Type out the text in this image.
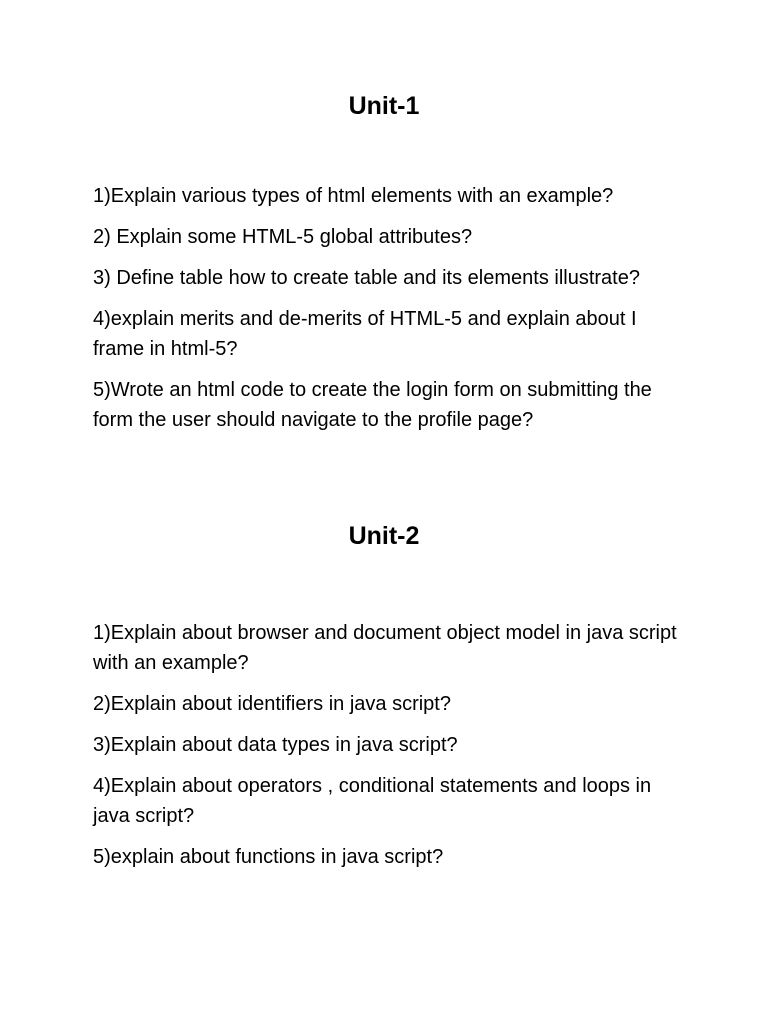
Unit-1
1)Explain various types of html elements with an example?
2) Explain some HTML-5 global attributes?
3) Define table how to create table and its elements illustrate?
4)explain merits and de-merits of HTML-5 and explain about I frame in html-5?
5)Wrote an html code to create the login form on submitting the form the user should navigate to the profile page?
Unit-2
1)Explain about browser and document object model in java script with an example?
2)Explain about identifiers in java script?
3)Explain about data types in java script?
4)Explain about operators , conditional statements and loops in java script?
5)explain about functions in java script?
